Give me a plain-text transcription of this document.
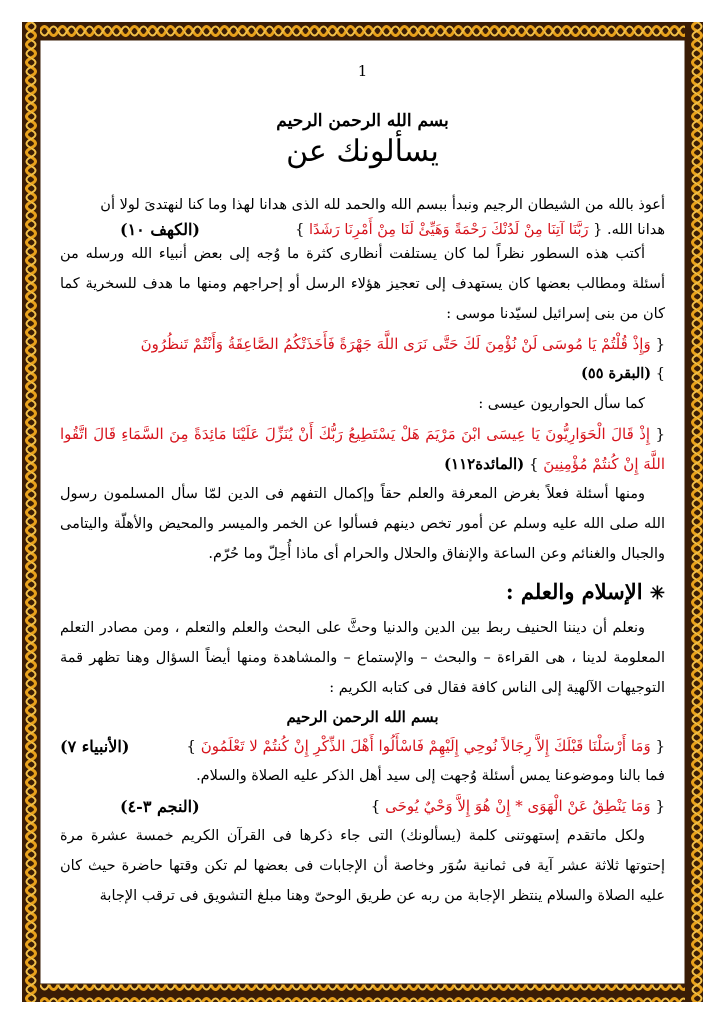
1
بسم الله الرحمن الرحيم
يسألونك عن

أعوذ بالله من الشيطان الرجيم ونبدأ ببسم الله والحمد لله الذى هدانا لهذا وما كنا لنهتدىَ لولا أن

هدانا الله. { رَبَّنَا آتِنَا مِنْ لَدُنْكَ رَحْمَةً وَهَيِّئْ لَنَا مِنْ أَمْرِنَا رَشَدًا }
(الكهف ١٠)

أكتب هذه السطور نظراً لما كان يستلفت أنظارى كثرة ما وُجه إلى بعض أنبياء الله ورسله من أسئلة ومطالب بعضها كان يستهدف إلى تعجيز هؤلاء الرسل أو إحراجهم ومنها ما هدف للسخرية كما كان من بنى إسرائيل لسيّدنا موسى :

{ وَإِذْ قُلْتُمْ يَا مُوسَى لَنْ نُؤْمِنَ لَكَ حَتَّى نَرَى اللَّهَ جَهْرَةً فَأَخَذَتْكُمُ الصَّاعِقَةُ وَأَنْتُمْ تَنظُرُونَ

} (البقرة ٥٥)

كما سأل الحواريون عيسى :

{ إِذْ قَالَ الْحَوَارِيُّونَ يَا عِيسَى ابْنَ مَرْيَمَ هَلْ يَسْتَطِيعُ رَبُّكَ أَنْ يُنَزِّلَ عَلَيْنَا مَائِدَةً مِنَ السَّمَاءِ قَالَ اتَّقُوا اللَّهَ إِنْ كُنتُمْ مُؤْمِنِينَ } (المائدة١١٢)

ومنها أسئلة فعلاً بغرض المعرفة والعلم حقاً وإكمال التفهم فى الدين لمّا سأل المسلمون رسول الله صلى الله عليه وسلم عن أمور تخص دينهم فسألوا عن الخمر والميسر والمحيض والأهلّة واليتامى والجبال والغنائم وعن الساعة والإنفاق والحلال والحرام أى ماذا أُحِلّ وما حُرّم.

✳ الإسلام والعلم :

ونعلم أن ديننا الحنيف ربط بين الدين والدنيا وحثَّ على البحث والعلم والتعلم ، ومن مصادر التعلم المعلومة لدينا ، هى القراءة – والبحث – والإستماع – والمشاهدة ومنها أيضاً السؤال وهنا تظهر قمة التوجيهات الآلهية إلى الناس كافة فقال فى كتابه الكريم :

بسم الله الرحمن الرحيم
{ وَمَا أَرْسَلْنَا قَبْلَكَ إِلاَّ رِجَالاً نُوحِي إِلَيْهِمْ فَاسْأَلُوا أَهْلَ الذِّكْرِ إِنْ كُنتُمْ لا تَعْلَمُونَ }
(الأنبياء ٧)

فما بالنا وموضوعنا يمس أسئلة وُجهت إلى سيد أهل الذكر عليه الصلاة والسلام.

{ وَمَا يَنْطِقُ عَنْ الْهَوَى * إِنْ هُوَ إِلاَّ وَحْيٌ يُوحَى }
(النجم ٣-٤)

ولكل ماتقدم إستهوتنى كلمة (يسألونك) التى جاء ذكرها فى القرآن الكريم خمسة عشرة مرة إحتوتها ثلاثة عشر آية فى ثمانية سُوَر وخاصة أن الإجابات فى بعضها لم تكن وقتها حاضرة حيث كان عليه الصلاة والسلام ينتظر الإجابة من ربه عن طريق الوحىّ وهنا مبلغ التشويق فى ترقب الإجابة
